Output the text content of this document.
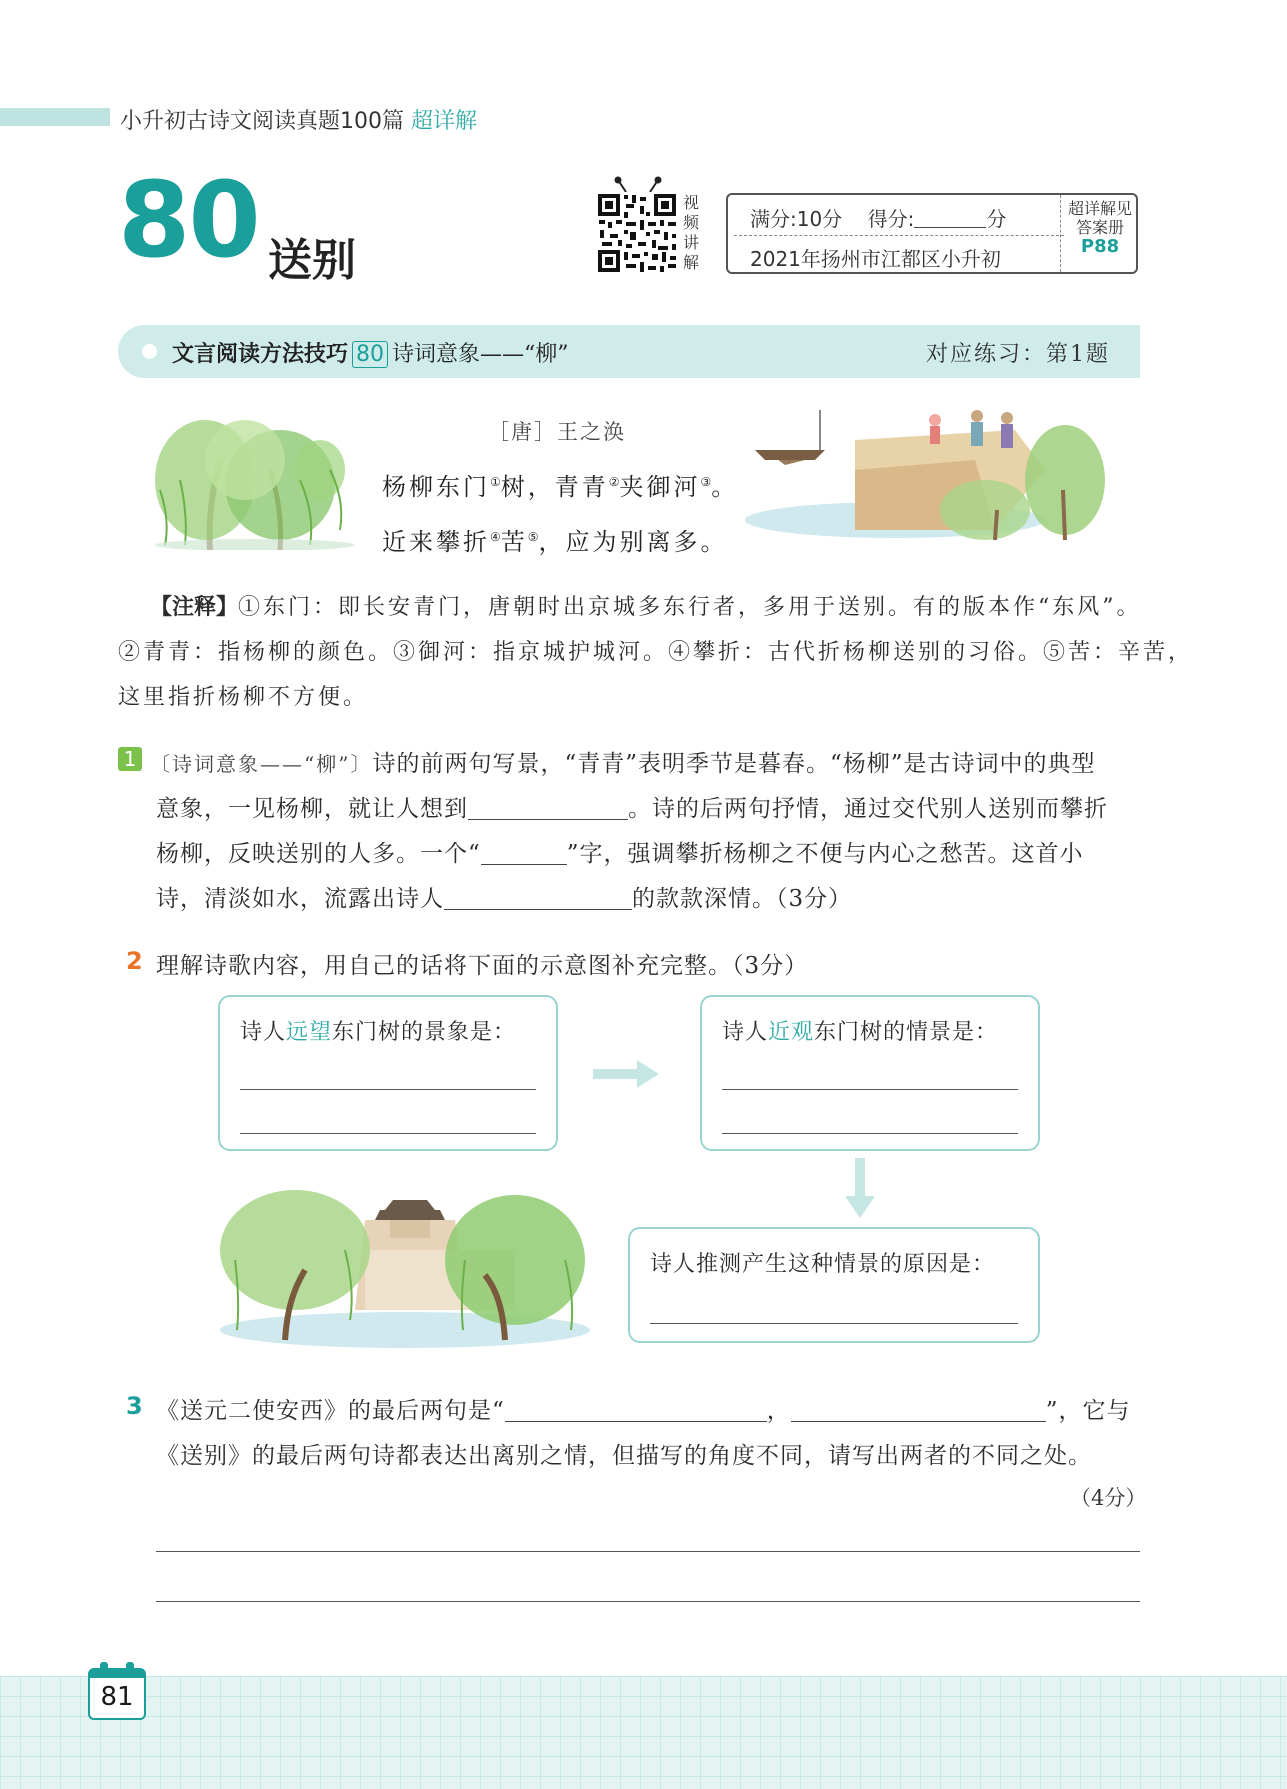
小升初古诗文阅读真题100篇 超详解
80 送别
视
频
讲
解
满分:10分 得分:	分
2021年扬州市江都区小升初
超详解见
答案册
P88
文言阅读方法技巧 80 诗词意象——“柳”	对应练习：第1题
［唐］王之涣
杨柳东门①树，青青②夹御河③。
近来攀折④苦⑤，应为别离多。
【注释】①东门：即长安青门，唐朝时出京城多东行者，多用于送别。有的版本作“东风”。
②青青：指杨柳的颜色。③御河：指京城护城河。④攀折：古代折杨柳送别的习俗。⑤苦：辛苦，
这里指折杨柳不方便。
1 〔诗词意象——“柳”〕诗的前两句写景，“青青”表明季节是暮春。“杨柳”是古诗词中的典型
意象，一见杨柳，就让人想到	。诗的后两句抒情，通过交代别人送别而攀折
杨柳，反映送别的人多。一个“	”字，强调攀折杨柳之不便与内心之愁苦。这首小
诗，清淡如水，流露出诗人	的款款深情。（3分）
2 理解诗歌内容，用自己的话将下面的示意图补充完整。（3分）
诗人远望东门树的景象是：	诗人近观东门树的情景是：
诗人推测产生这种情景的原因是：
3 《送元二使安西》的最后两句是“	，	”，它与
《送别》的最后两句诗都表达出离别之情，但描写的角度不同，请写出两者的不同之处。
（4分）
81
